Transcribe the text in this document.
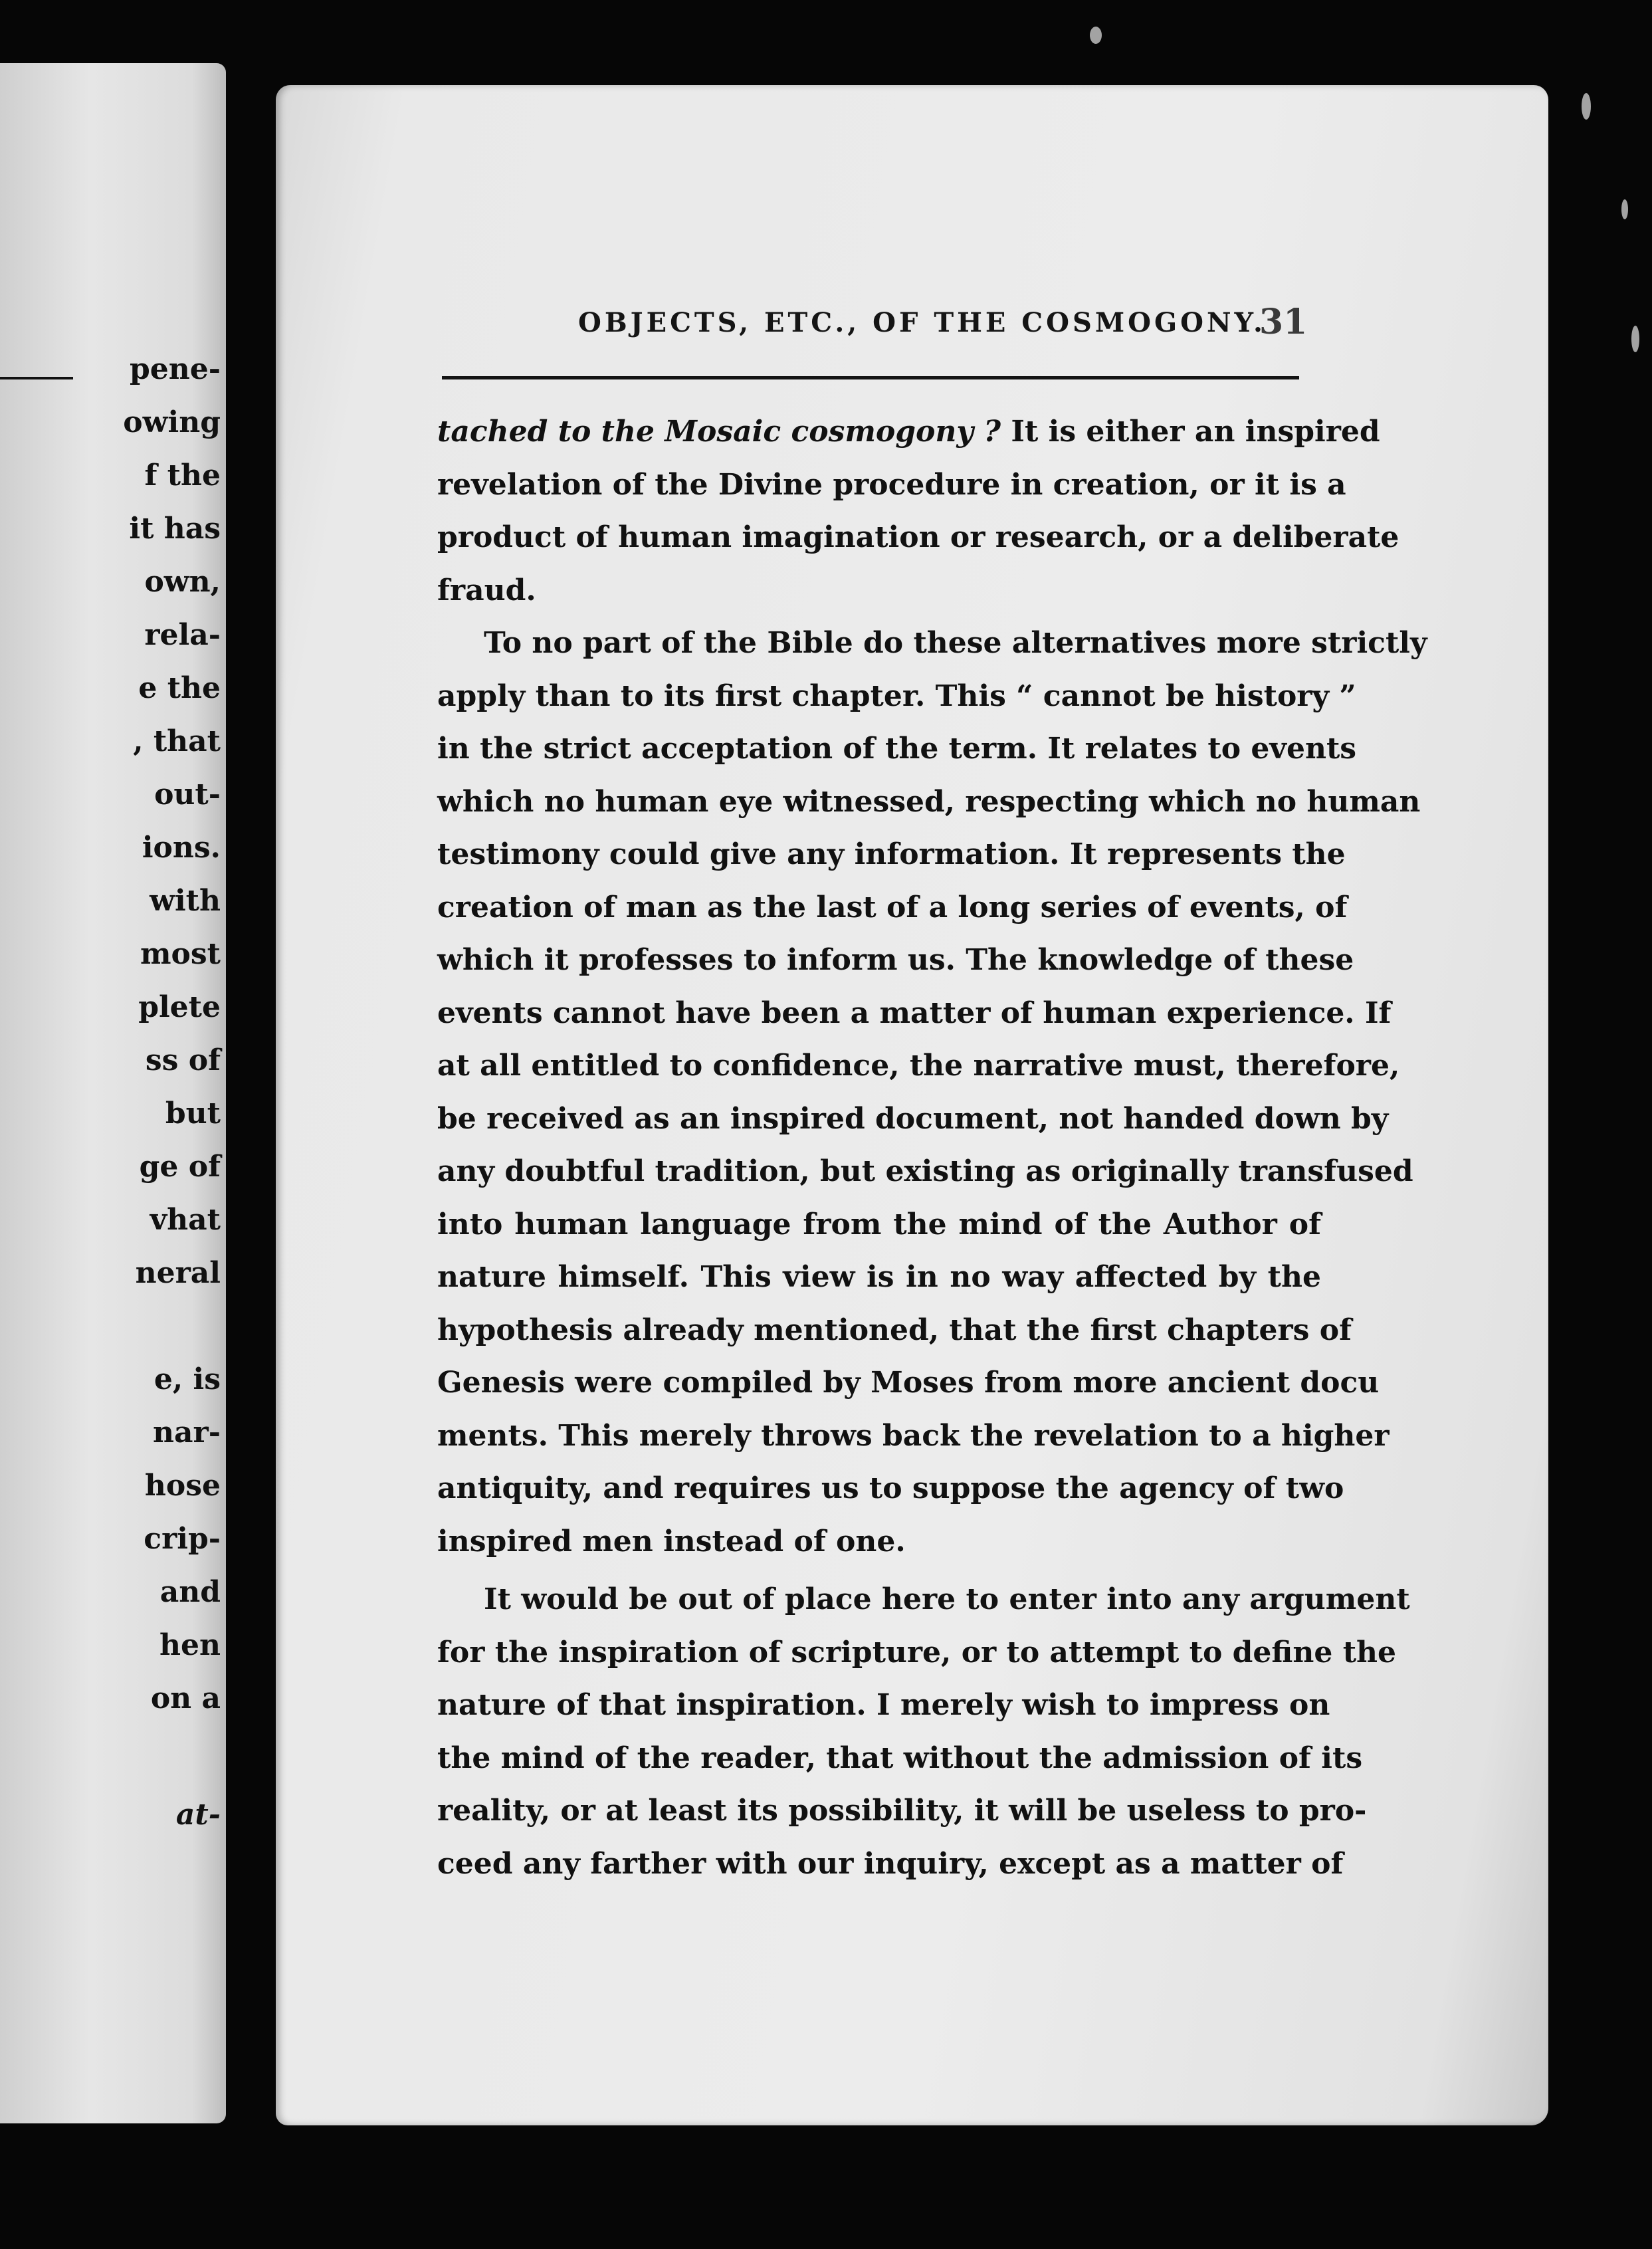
pene-
owing
f the
it has
own,
rela-
e the
, that
out-
ions.
with
most
plete
ss of
but
ge of
vhat
neral
e, is
nar-
hose
crip-
and
hen
on a
at-
OBJECTS, ETC., OF THE COSMOGONY.
31
tached to the Mosaic cosmogony ? It is either an inspired
revelation of the Divine procedure in creation, or it is a
product of human imagination or research, or a deliberate
fraud.
To no part of the Bible do these alternatives more strictly
apply than to its first chapter. This “ cannot be history ”
in the strict acceptation of the term. It relates to events
which no human eye witnessed, respecting which no human
testimony could give any information. It represents the
creation of man as the last of a long series of events, of
which it professes to inform us. The knowledge of these
events cannot have been a matter of human experience. If
at all entitled to confidence, the narrative must, therefore,
be received as an inspired document, not handed down by
any doubtful tradition, but existing as originally transfused
into human language from the mind of the Author of
nature himself. This view is in no way affected by the
hypothesis already mentioned, that the first chapters of
Genesis were compiled by Moses from more ancient docu
ments. This merely throws back the revelation to a higher
antiquity, and requires us to suppose the agency of two
inspired men instead of one.
It would be out of place here to enter into any argument
for the inspiration of scripture, or to attempt to define the
nature of that inspiration. I merely wish to impress on
the mind of the reader, that without the admission of its
reality, or at least its possibility, it will be useless to pro-
ceed any farther with our inquiry, except as a matter of
